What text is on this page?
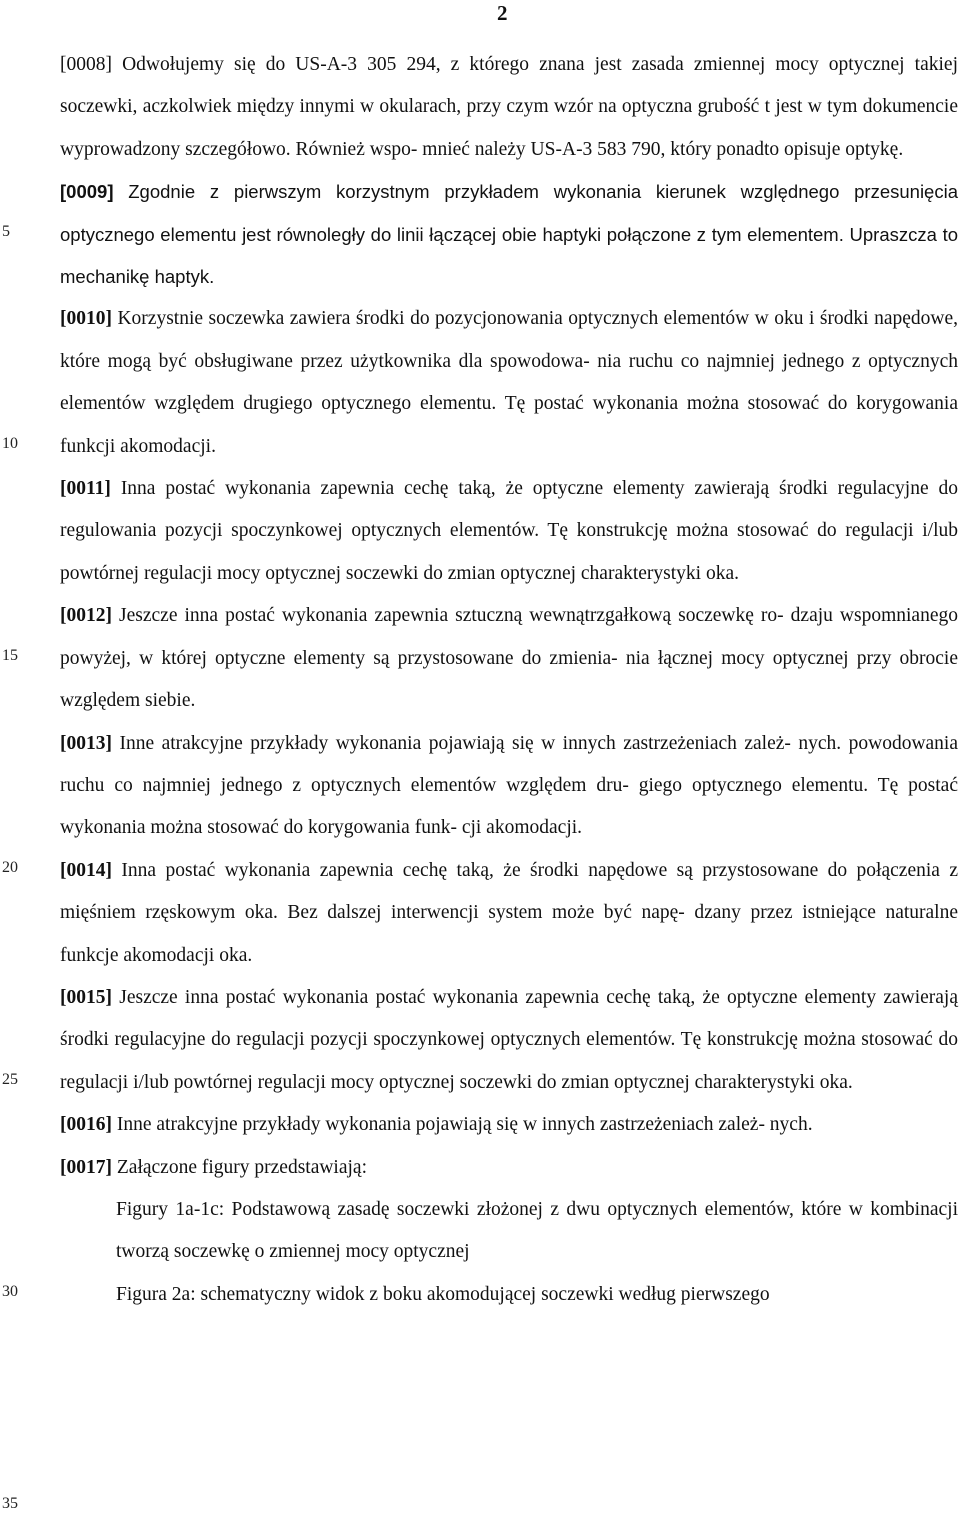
2
5
10
15
20
25
30
35

[0008] Odwołujemy się do US-A-3 305 294, z którego znana jest zasada zmiennej mocy optycznej takiej soczewki, aczkolwiek między innymi w okularach, przy czym wzór na optyczna grubość t jest w tym dokumencie wyprowadzony szczegółowo. Również wspo- mnieć należy US-A-3 583 790, który ponadto opisuje optykę.

[0009] Zgodnie z pierwszym korzystnym przykładem wykonania kierunek względnego przesunięcia optycznego elementu jest równoległy do linii łączącej obie haptyki połączone z tym elementem. Upraszcza to mechanikę haptyk.

[0010] Korzystnie soczewka zawiera środki do pozycjonowania optycznych elementów w oku i środki napędowe, które mogą być obsługiwane przez użytkownika dla spowodowa- nia ruchu co najmniej jednego z optycznych elementów względem drugiego optycznego elementu. Tę postać wykonania można stosować do korygowania funkcji akomodacji.

[0011] Inna postać wykonania zapewnia cechę taką, że optyczne elementy zawierają środki regulacyjne do regulowania pozycji spoczynkowej optycznych elementów. Tę konstrukcję można stosować do regulacji i/lub powtórnej regulacji mocy optycznej soczewki do zmian optycznej charakterystyki oka.

[0012] Jeszcze inna postać wykonania zapewnia sztuczną wewnątrzgałkową soczewkę ro- dzaju wspomnianego powyżej, w której optyczne elementy są przystosowane do zmienia- nia łącznej mocy optycznej przy obrocie względem siebie.

[0013] Inne atrakcyjne przykłady wykonania pojawiają się w innych zastrzeżeniach zależ- nych. powodowania ruchu co najmniej jednego z optycznych elementów względem dru- giego optycznego elementu. Tę postać wykonania można stosować do korygowania funk- cji akomodacji.

[0014] Inna postać wykonania zapewnia cechę taką, że środki napędowe są przystosowane do połączenia z mięśniem rzęskowym oka. Bez dalszej interwencji system może być napę- dzany przez istniejące naturalne funkcje akomodacji oka.

[0015] Jeszcze inna postać wykonania postać wykonania zapewnia cechę taką, że optyczne elementy zawierają środki regulacyjne do regulacji pozycji spoczynkowej optycznych elementów. Tę konstrukcję można stosować do regulacji i/lub powtórnej regulacji mocy optycznej soczewki do zmian optycznej charakterystyki oka.

[0016] Inne atrakcyjne przykłady wykonania pojawiają się w innych zastrzeżeniach zależ- nych.

[0017] Załączone figury przedstawiają:

Figury 1a-1c: Podstawową zasadę soczewki złożonej z dwu optycznych elementów, które w kombinacji tworzą soczewkę o zmiennej mocy optycznej

Figura 2a: schematyczny widok z boku akomodującej soczewki według pierwszego
